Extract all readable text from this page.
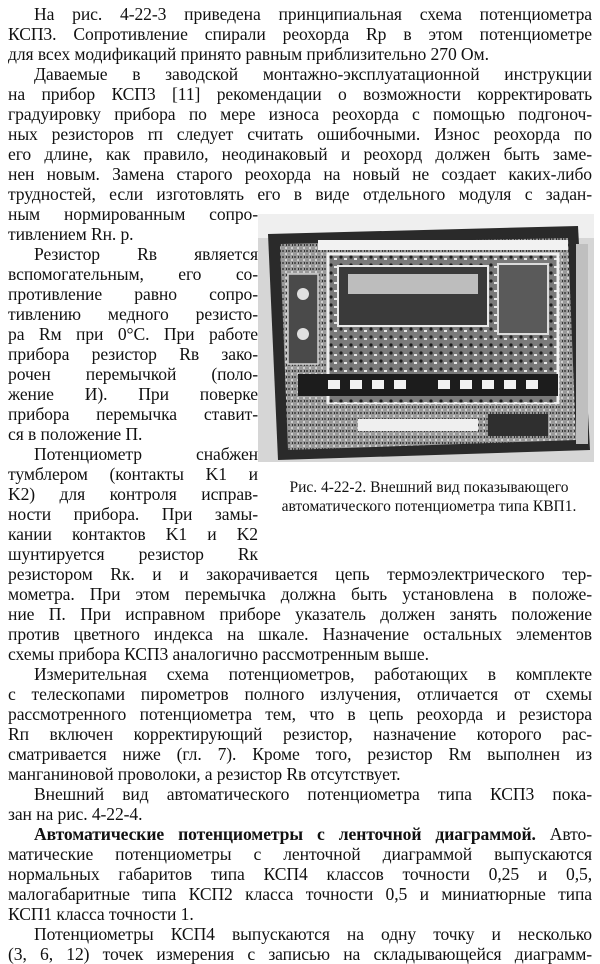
На рис. 4-22-3 приведена принципиальная схема потенциометра
КСП3. Сопротивление спирали реохорда Rр в этом потенциометре
для всех модификаций принято равным приблизительно 270 Ом.
Даваемые в заводской монтажно-эксплуатационной инструкции
на прибор КСП3 [11] рекомендации о возможности корректировать
градуировку прибора по мере износа реохорда с помощью подгоноч-
ных резисторов rп следует считать ошибочными. Износ реохорда по
его длине, как правило, неодинаковый и реохорд должен быть заме-
нен новым. Замена старого реохорда на новый не создает каких-либо
трудностей, если изготовлять его в виде отдельного модуля с задан-
ным нормированным сопро-
тивлением Rн. р.
Резистор Rв является
вспомогательным, его со-
противление равно сопро-
тивлению медного резисто-
ра Rм при 0°С. При работе
прибора резистор Rв зако-
рочен перемычкой (поло-
жение И). При поверке
прибора перемычка ставит-
ся в положение П.
Потенциометр снабжен
тумблером (контакты K1 и
K2) для контроля исправ-
ности прибора. При замы-
кании контактов K1 и K2
шунтируется резистор Rк
Рис. 4-22-2. Внешний вид показывающего
автоматического потенциометра типа КВП1.
резистором Rк. и и закорачивается цепь термоэлектрического тер-
мометра. При этом перемычка должна быть установлена в положе-
ние П. При исправном приборе указатель должен занять положение
против цветного индекса на шкале. Назначение остальных элементов
схемы прибора КСП3 аналогично рассмотренным выше.
Измерительная схема потенциометров, работающих в комплекте
с телескопами пирометров полного излучения, отличается от схемы
рассмотренного потенциометра тем, что в цепь реохорда и резистора
Rп включен корректирующий резистор, назначение которого рас-
сматривается ниже (гл. 7). Кроме того, резистор Rм выполнен из
манганиновой проволоки, а резистор Rв отсутствует.
Внешний вид автоматического потенциометра типа КСП3 пока-
зан на рис. 4-22-4.
Автоматические потенциометры с ленточной диаграммой. Авто-
матические потенциометры с ленточной диаграммой выпускаются
нормальных габаритов типа КСП4 классов точности 0,25 и 0,5,
малогабаритные типа КСП2 класса точности 0,5 и миниатюрные типа
КСП1 класса точности 1.
Потенциометры КСП4 выпускаются на одну точку и несколько
(3, 6, 12) точек измерения с записью на складывающейся диаграмм-
